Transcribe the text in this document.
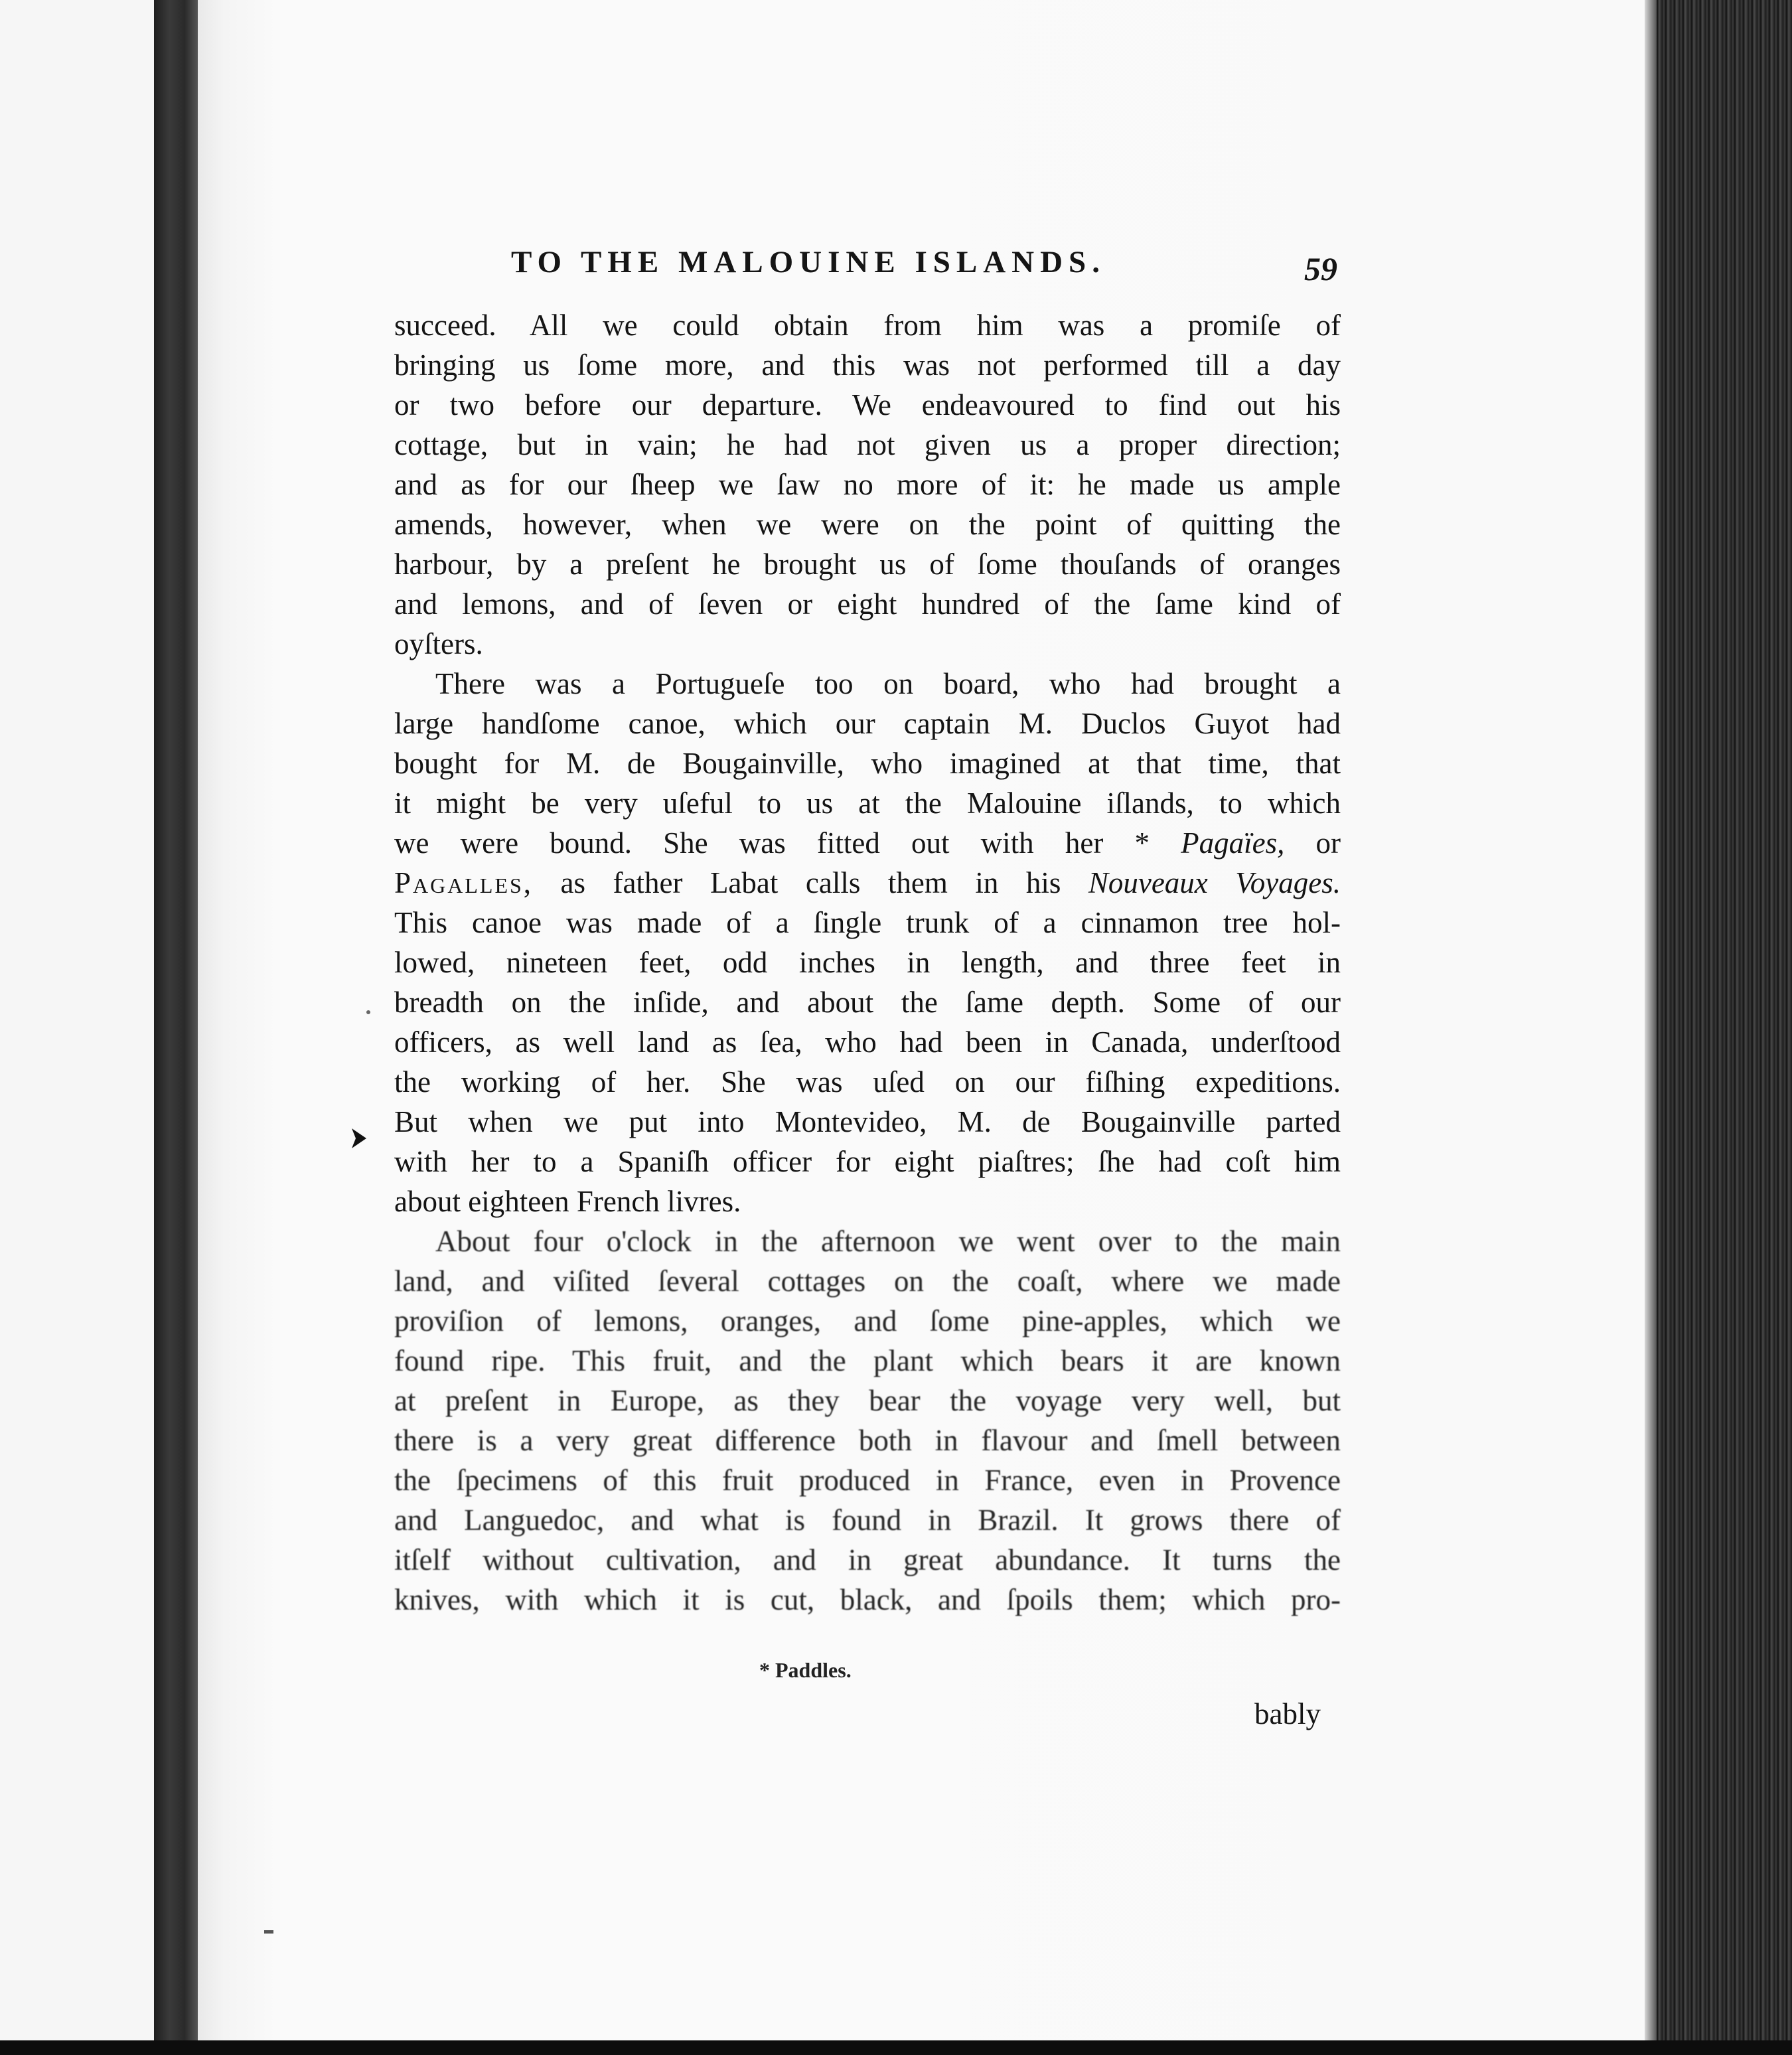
TO THE MALOUINE ISLANDS.	59
succeed. All we could obtain from him was a promiſe of
bringing us ſome more, and this was not performed till a day
or two before our departure. We endeavoured to find out his
cottage, but in vain; he had not given us a proper direction;
and as for our ſheep we ſaw no more of it: he made us ample
amends, however, when we were on the point of quitting the
harbour, by a preſent he brought us of ſome thouſands of oranges
and lemons, and of ſeven or eight hundred of the ſame kind of
oyſters.
There was a Portugueſe too on board, who had brought a
large handſome canoe, which our captain M. Duclos Guyot had
bought for M. de Bougainville, who imagined at that time, that
it might be very uſeful to us at the Malouine iſlands, to which
we were bound. She was fitted out with her * Pagaïes, or
Pagalles, as father Labat calls them in his Nouveaux Voyages.
This canoe was made of a ſingle trunk of a cinnamon tree hol-
lowed, nineteen feet, odd inches in length, and three feet in
breadth on the inſide, and about the ſame depth. Some of our
officers, as well land as ſea, who had been in Canada, underſtood
the working of her. She was uſed on our fiſhing expeditions.
But when we put into Montevideo, M. de Bougainville parted
with her to a Spaniſh officer for eight piaſtres; ſhe had coſt him
about eighteen French livres.
About four o'clock in the afternoon we went over to the main
land, and viſited ſeveral cottages on the coaſt, where we made
proviſion of lemons, oranges, and ſome pine-apples, which we
found ripe. This fruit, and the plant which bears it are known
at preſent in Europe, as they bear the voyage very well, but
there is a very great difference both in flavour and ſmell between
the ſpecimens of this fruit produced in France, even in Provence
and Languedoc, and what is found in Brazil. It grows there of
itſelf without cultivation, and in great abundance. It turns the
knives, with which it is cut, black, and ſpoils them; which pro-
* Paddles.
bably
